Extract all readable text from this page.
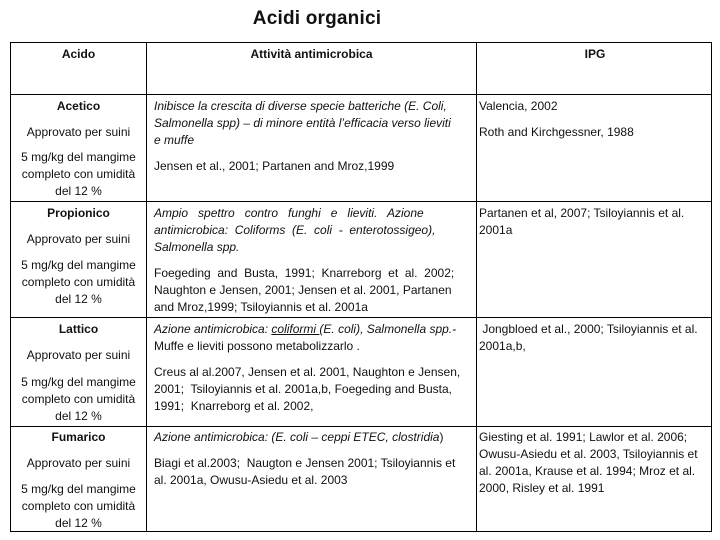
Acidi organici
Acido	Attività antimicrobica	IPG
Acetico
Approvato per suini
5 mg/kg del mangime
completo con umidità
del 12 %
Inibisce la crescita di diverse specie batteriche (E. Coli,
Salmonella spp) – di minore entità l’efficacia verso lieviti
e muffe
Jensen et al., 2001; Partanen and Mroz,1999
Valencia, 2002
Roth and Kirchgessner, 1988
Propionico
Approvato per suini
5 mg/kg del mangime
completo con umidità
del 12 %
Ampio   spettro   contro   funghi   e   lieviti.   Azione
antimicrobica:  Coliforms  (E.  coli  -  enterotossigeo),
Salmonella spp.
Foegeding  and  Busta,  1991;  Knarreborg  et  al.  2002;
Naughton e Jensen, 2001; Jensen et al. 2001, Partanen
and Mroz,1999; Tsiloyiannis et al. 2001a
Partanen et al, 2007; Tsiloyiannis et al.
2001a
Lattico
Approvato per suini
5 mg/kg del mangime
completo con umidità
del 12 %
Azione antimicrobica: coliformi (E. coli), Salmonella spp.-
Muffe e lieviti possono metabolizzarlo .
Creus al al.2007, Jensen et al. 2001, Naughton e Jensen,
2001;  Tsiloyiannis et al. 2001a,b, Foegeding and Busta,
1991;  Knarreborg et al. 2002,
Jongbloed et al., 2000; Tsiloyiannis et al.
2001a,b,
Fumarico
Approvato per suini
5 mg/kg del mangime
completo con umidità
del 12 %
Azione antimicrobica: (E. coli – ceppi ETEC, clostridia)
Biagi et al.2003;  Naugton e Jensen 2001; Tsiloyiannis et
al. 2001a, Owusu-Asiedu et al. 2003
Giesting et al. 1991; Lawlor et al. 2006;
Owusu-Asiedu et al. 2003, Tsiloyiannis et
al. 2001a, Krause et al. 1994; Mroz et al.
2000, Risley et al. 1991
